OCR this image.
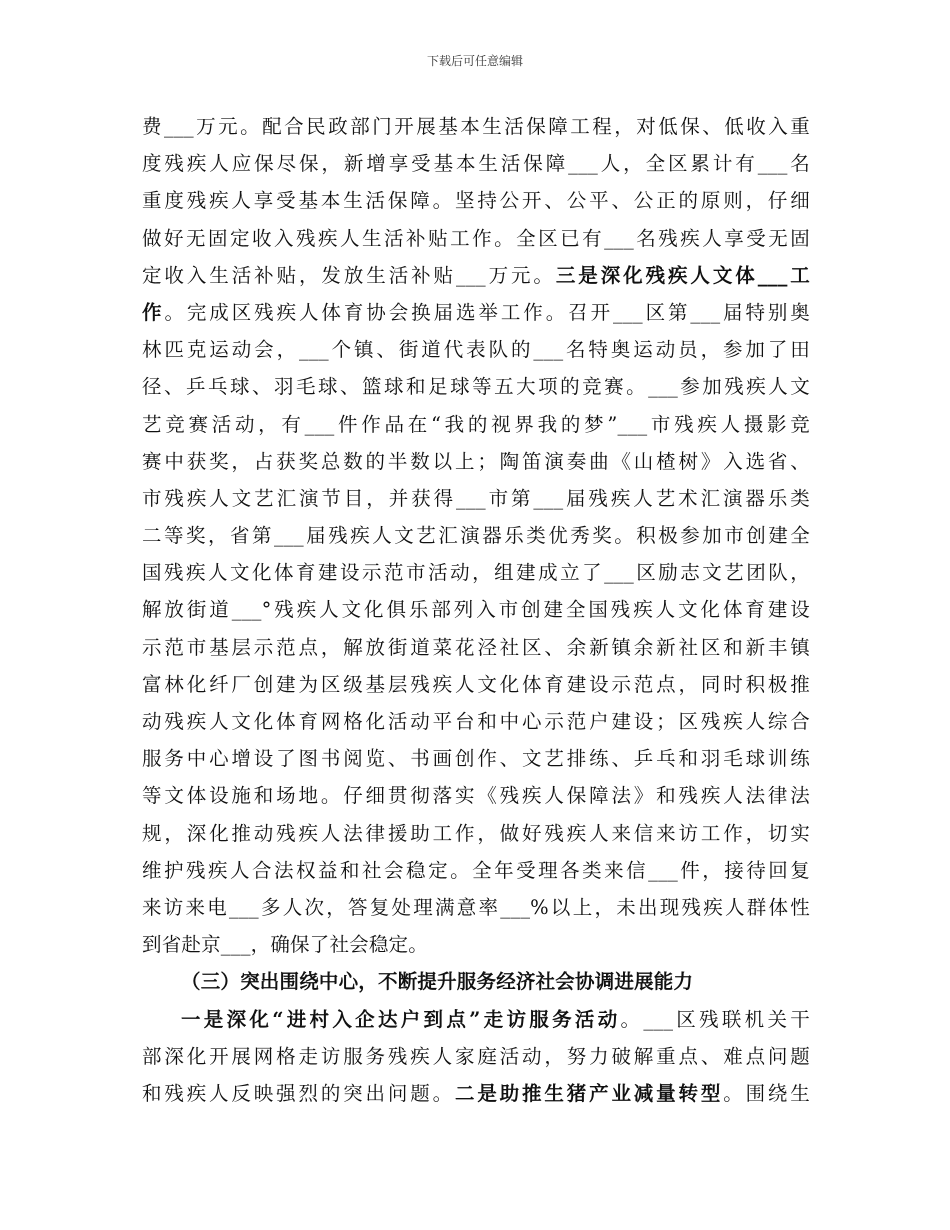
下载后可任意编辑
费___万元。配合民政部门开展基本生活保障工程，对低保、低收入重
度残疾人应保尽保，新增享受基本生活保障___人，全区累计有___名
重度残疾人享受基本生活保障。坚持公开、公平、公正的原则，仔细
做好无固定收入残疾人生活补贴工作。全区已有___名残疾人享受无固
定收入生活补贴，发放生活补贴___万元。三是深化残疾人文体___工
作。完成区残疾人体育协会换届选举工作。召开___区第___届特别奥
林匹克运动会，___个镇、街道代表队的___名特奥运动员，参加了田
径、乒乓球、羽毛球、篮球和足球等五大项的竞赛。___参加残疾人文
艺竞赛活动，有___件作品在“我的视界我的梦”___市残疾人摄影竞
赛中获奖，占获奖总数的半数以上；陶笛演奏曲《山楂树》入选省、
市残疾人文艺汇演节目，并获得___市第___届残疾人艺术汇演器乐类
二等奖，省第___届残疾人文艺汇演器乐类优秀奖。积极参加市创建全
国残疾人文化体育建设示范市活动，组建成立了___区励志文艺团队，
解放街道___°残疾人文化俱乐部列入市创建全国残疾人文化体育建设
示范市基层示范点，解放街道菜花泾社区、余新镇余新社区和新丰镇
富林化纤厂创建为区级基层残疾人文化体育建设示范点，同时积极推
动残疾人文化体育网格化活动平台和中心示范户建设；区残疾人综合
服务中心增设了图书阅览、书画创作、文艺排练、乒乓和羽毛球训练
等文体设施和场地。仔细贯彻落实《残疾人保障法》和残疾人法律法
规，深化推动残疾人法律援助工作，做好残疾人来信来访工作，切实
维护残疾人合法权益和社会稳定。全年受理各类来信___件，接待回复
来访来电___多人次，答复处理满意率___%以上，未出现残疾人群体性
到省赴京___，确保了社会稳定。
（三）突出围绕中心，不断提升服务经济社会协调进展能力
一是深化“进村入企达户到点”走访服务活动。___区残联机关干
部深化开展网格走访服务残疾人家庭活动，努力破解重点、难点问题
和残疾人反映强烈的突出问题。二是助推生猪产业减量转型。围绕生
